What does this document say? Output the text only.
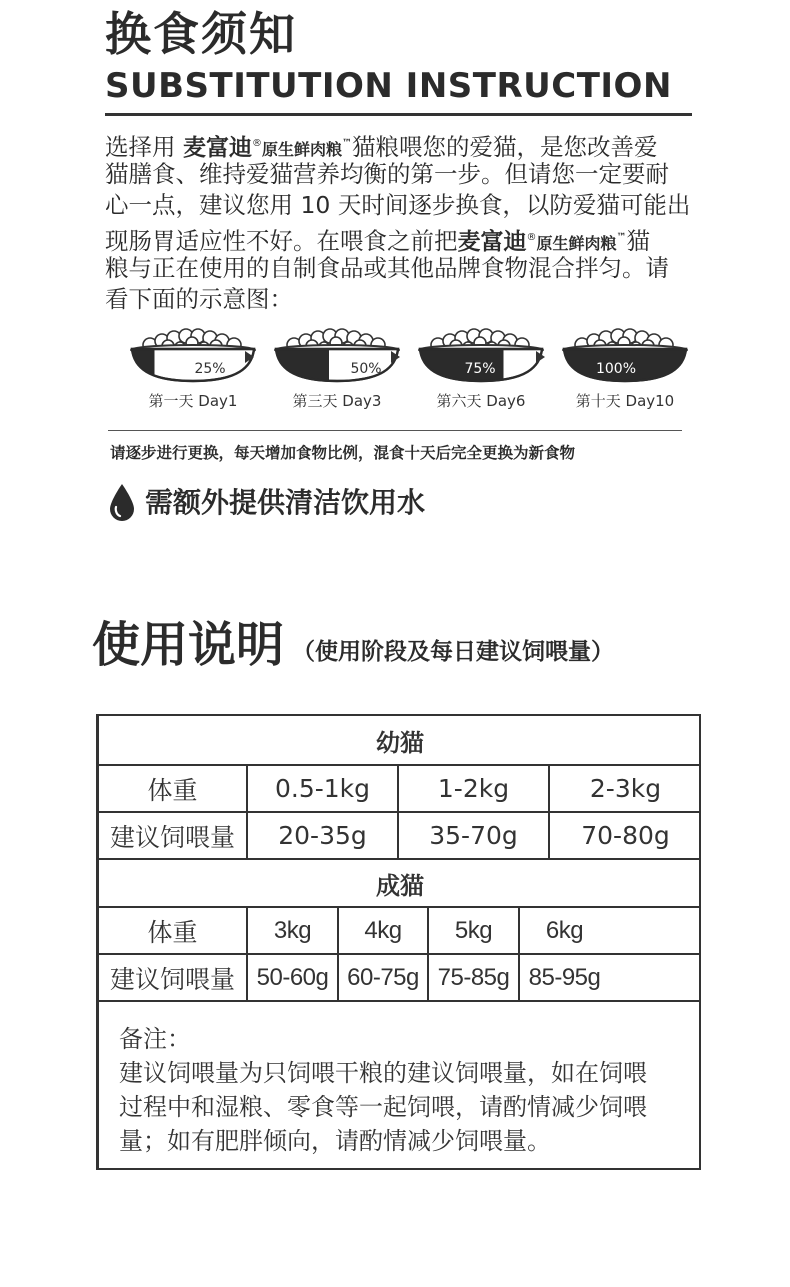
换食须知
SUBSTITUTION INSTRUCTION
选择用 麦富迪®原生鲜肉粮™猫粮喂您的爱猫，是您改善爱
猫膳食、维持爱猫营养均衡的第一步。但请您一定要耐
心一点，建议您用 10 天时间逐步换食，以防爱猫可能出
现肠胃适应性不好。在喂食之前把麦富迪®原生鲜肉粮™猫
粮与正在使用的自制食品或其他品牌食物混合拌匀。请
看下面的示意图：
25%
第一天 Day1
50%
第三天 Day3
75%
第六天 Day6
100%
第十天 Day10
请逐步进行更换，每天增加食物比例，混食十天后完全更换为新食物
需额外提供清洁饮用水
使用说明 （使用阶段及每日建议饲喂量）
幼猫
体重	0.5-1kg	1-2kg	2-3kg
建议饲喂量	20-35g	35-70g	70-80g
成猫
体重	3kg	4kg	5kg	6kg
建议饲喂量 50-60g 60-75g 75-85g 85-95g
备注：
建议饲喂量为只饲喂干粮的建议饲喂量，如在饲喂
过程中和湿粮、零食等一起饲喂，请酌情减少饲喂
量；如有肥胖倾向，请酌情减少饲喂量。
